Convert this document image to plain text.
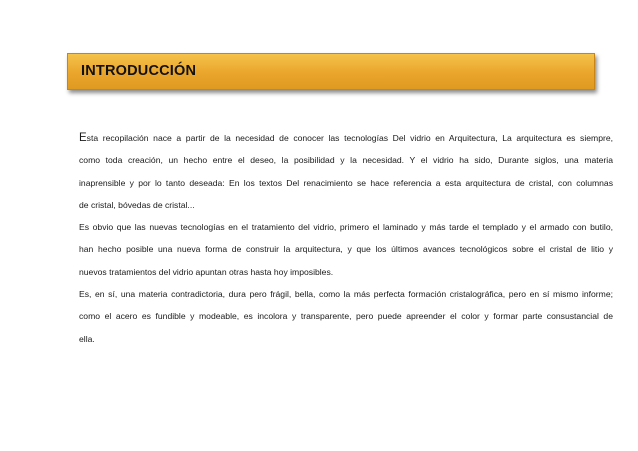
INTRODUCCIÓN
Esta recopilación nace a partir de la necesidad de conocer las tecnologías Del vidrio en Arquitectura, La arquitectura es siempre,
como toda creación, un hecho entre el deseo, la posibilidad y la necesidad. Y el vidrio ha sido, Durante siglos, una materia
inaprensible y por lo tanto deseada: En los textos Del renacimiento se hace referencia a esta arquitectura de cristal, con columnas
de cristal, bóvedas de cristal...
Es obvio que las nuevas tecnologías en el tratamiento del vidrio, primero el laminado y más tarde el templado y el armado con butilo,
han hecho posible una nueva forma de construir la arquitectura, y que los últimos avances tecnológicos sobre el cristal de litio y
nuevos tratamientos del vidrio apuntan otras hasta hoy imposibles.
Es, en sí, una materia contradictoria, dura pero frágil, bella, como la más perfecta formación cristalográfica, pero en sí mismo informe;
como el acero es fundible y modeable, es incolora y transparente, pero puede apreender el color y formar parte consustancial de
ella.
